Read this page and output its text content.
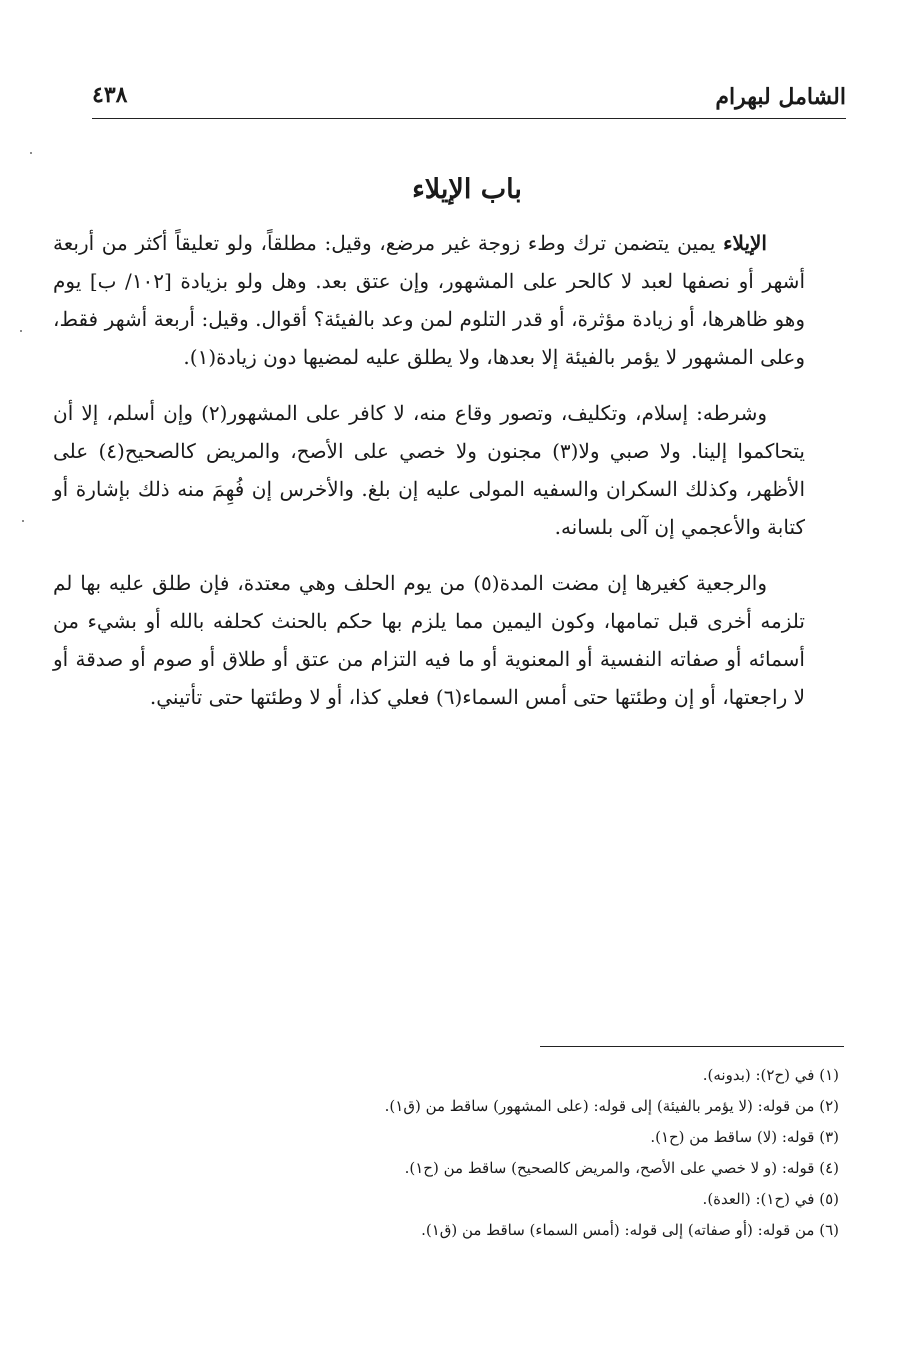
الشامل لبهرام
٤٣٨
باب الإيلاء

الإيلاء يمين يتضمن ترك وطء زوجة غير مرضع، وقيل: مطلقاً، ولو تعليقاً أكثر من أربعة أشهر أو نصفها لعبد لا كالحر على المشهور، وإن عتق بعد. وهل ولو بزيادة [١٠٢/ ب] يوم وهو ظاهرها، أو زيادة مؤثرة، أو قدر التلوم لمن وعد بالفيئة؟ أقوال. وقيل: أربعة أشهر فقط، وعلى المشهور لا يؤمر بالفيئة إلا بعدها، ولا يطلق عليه لمضيها دون زيادة(١).

وشرطه: إسلام، وتكليف، وتصور وقاع منه، لا كافر على المشهور(٢) وإن أسلم، إلا أن يتحاكموا إلينا. ولا صبي ولا(٣) مجنون ولا خصي على الأصح، والمريض كالصحيح(٤) على الأظهر، وكذلك السكران والسفيه المولى عليه إن بلغ. والأخرس إن فُهِمَ منه ذلك بإشارة أو كتابة والأعجمي إن آلى بلسانه.

والرجعية كغيرها إن مضت المدة(٥) من يوم الحلف وهي معتدة، فإن طلق عليه بها لم تلزمه أخرى قبل تمامها، وكون اليمين مما يلزم بها حكم بالحنث كحلفه بالله أو بشيء من أسمائه أو صفاته النفسية أو المعنوية أو ما فيه التزام من عتق أو طلاق أو صوم أو صدقة أو لا راجعتها، أو إن وطئتها حتى أمس السماء(٦) فعلي كذا، أو لا وطئتها حتى تأتيني.

(١) في (ح٢): (بدونه).

(٢) من قوله: (لا يؤمر بالفيئة) إلى قوله: (على المشهور) ساقط من (ق١).

(٣) قوله: (لا) ساقط من (ح١).

(٤) قوله: (و لا خصي على الأصح، والمريض كالصحيح) ساقط من (ح١).

(٥) في (ح١): (العدة).

(٦) من قوله: (أو صفاته) إلى قوله: (أمس السماء) ساقط من (ق١).
